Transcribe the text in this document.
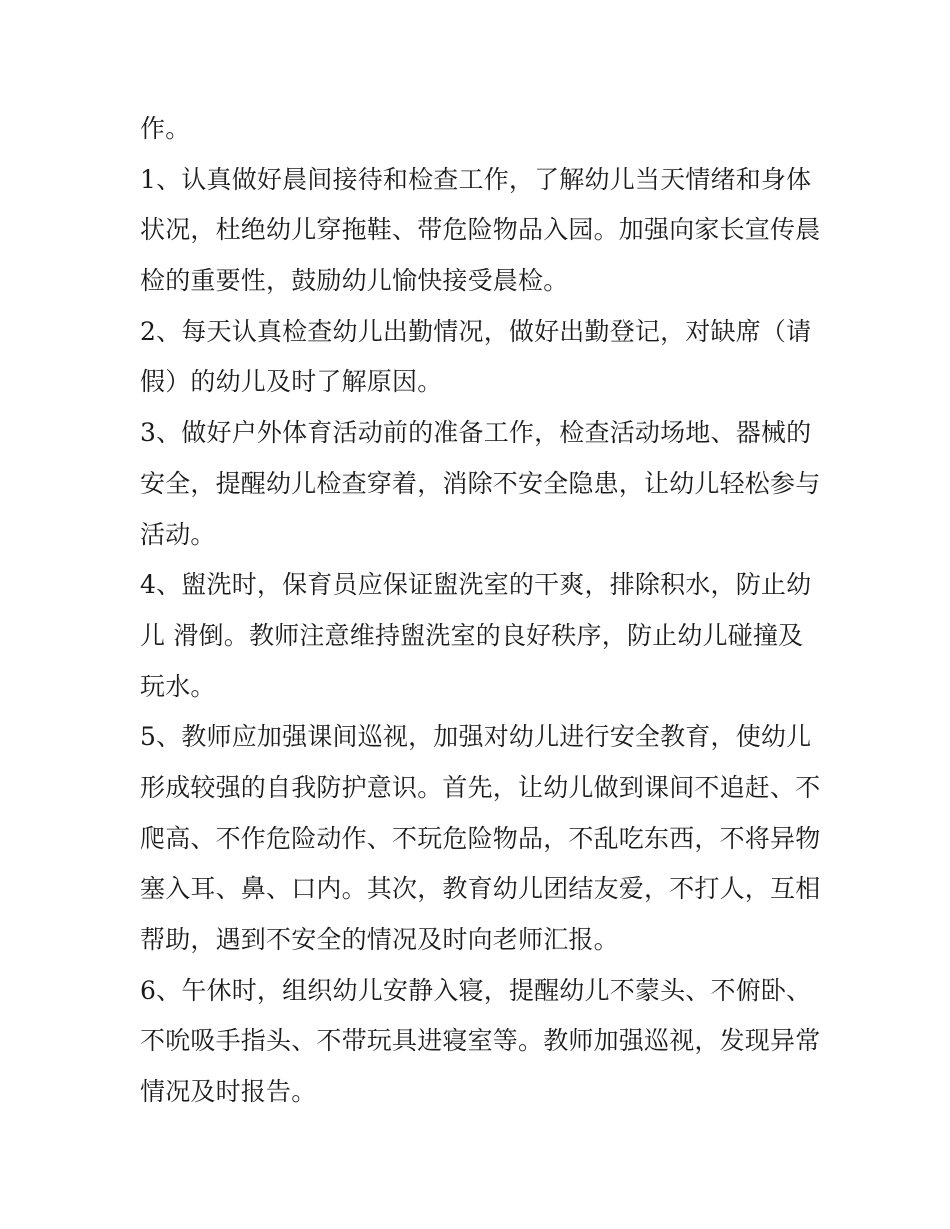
作。
1、认真做好晨间接待和检查工作，了解幼儿当天情绪和身体
状况，杜绝幼儿穿拖鞋、带危险物品入园。加强向家长宣传晨
检的重要性，鼓励幼儿愉快接受晨检。
2、每天认真检查幼儿出勤情况，做好出勤登记，对缺席（请
假）的幼儿及时了解原因。
3、做好户外体育活动前的准备工作，检查活动场地、器械的
安全，提醒幼儿检查穿着，消除不安全隐患，让幼儿轻松参与
活动。
4、盥洗时，保育员应保证盥洗室的干爽，排除积水，防止幼
儿 滑倒。教师注意维持盥洗室的良好秩序，防止幼儿碰撞及
玩水。
5、教师应加强课间巡视，加强对幼儿进行安全教育，使幼儿
形成较强的自我防护意识。首先，让幼儿做到课间不追赶、不
爬高、不作危险动作、不玩危险物品，不乱吃东西，不将异物
塞入耳、鼻、口内。其次，教育幼儿团结友爱，不打人，互相
帮助，遇到不安全的情况及时向老师汇报。
6、午休时，组织幼儿安静入寝，提醒幼儿不蒙头、不俯卧、
不吮吸手指头、不带玩具进寝室等。教师加强巡视，发现异常
情况及时报告。
